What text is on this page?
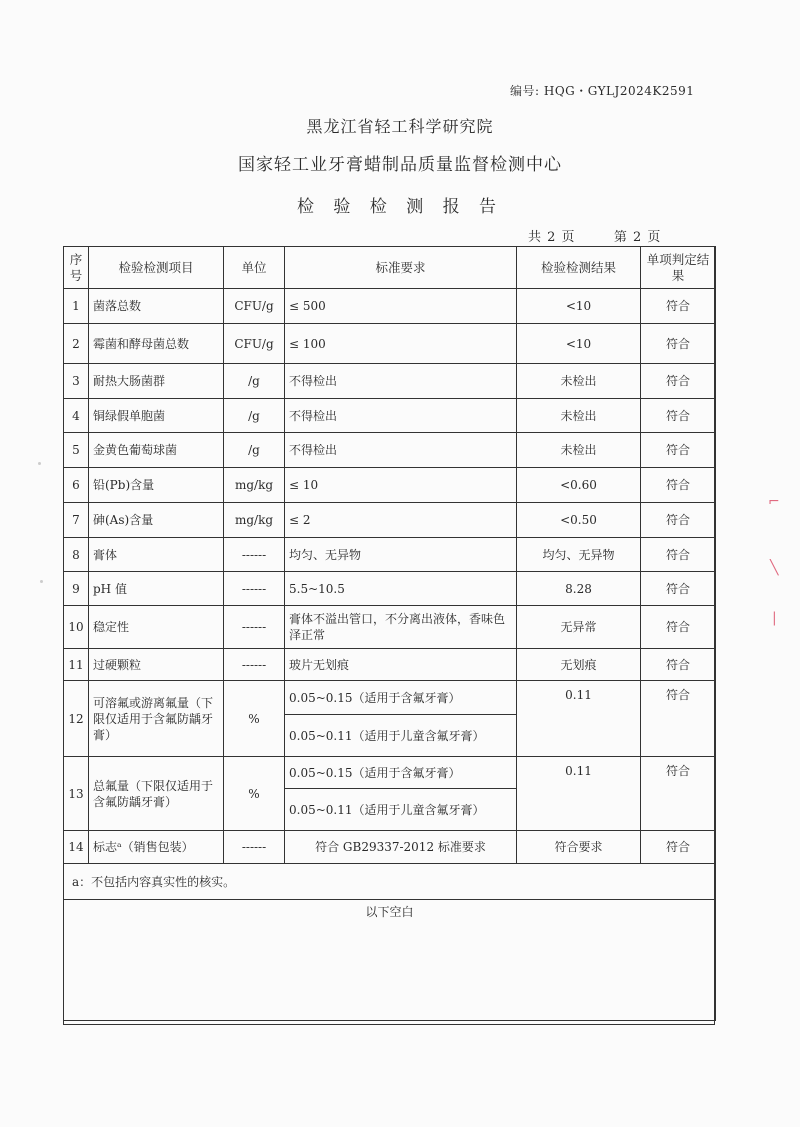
编号: HQG・GYLJ2024K2591
黑龙江省轻工科学研究院
国家轻工业牙膏蜡制品质量监督检测中心
检 验 检 测 报 告
共 2 页	第 2 页
序号	检验检测项目	单位	标准要求	检验检测结果	单项判定结果
1	菌落总数	CFU/g	≤ 500	<10	符合
2	霉菌和酵母菌总数	CFU/g	≤ 100	<10	符合
3	耐热大肠菌群	/g	不得检出	未检出	符合
4	铜绿假单胞菌	/g	不得检出	未检出	符合
5	金黄色葡萄球菌	/g	不得检出	未检出	符合
6	铅(Pb)含量	mg/kg	≤ 10	<0.60	符合
7	砷(As)含量	mg/kg	≤ 2	<0.50	符合
8	膏体	------	均匀、无异物	均匀、无异物	符合
9	pH 值	------	5.5~10.5	8.28	符合
10	稳定性	------	膏体不溢出管口，不分离出液体，香味色泽正常	无异常	符合
11	过硬颗粒	------	玻片无划痕	无划痕	符合
12	可溶氟或游离氟量（下限仅适用于含氟防龋牙膏）	%	0.05~0.15（适用于含氟牙膏）	0.11	符合
			0.05~0.11（适用于儿童含氟牙膏）		
13	总氟量（下限仅适用于含氟防龋牙膏）	%	0.05~0.15（适用于含氟牙膏）	0.11	符合
			0.05~0.11（适用于儿童含氟牙膏）		
14	标志ᵃ（销售包装）	------	符合 GB29337-2012 标准要求	符合要求	符合
a：不包括内容真实性的核实。					
以下空白					
⌐
╲
|
